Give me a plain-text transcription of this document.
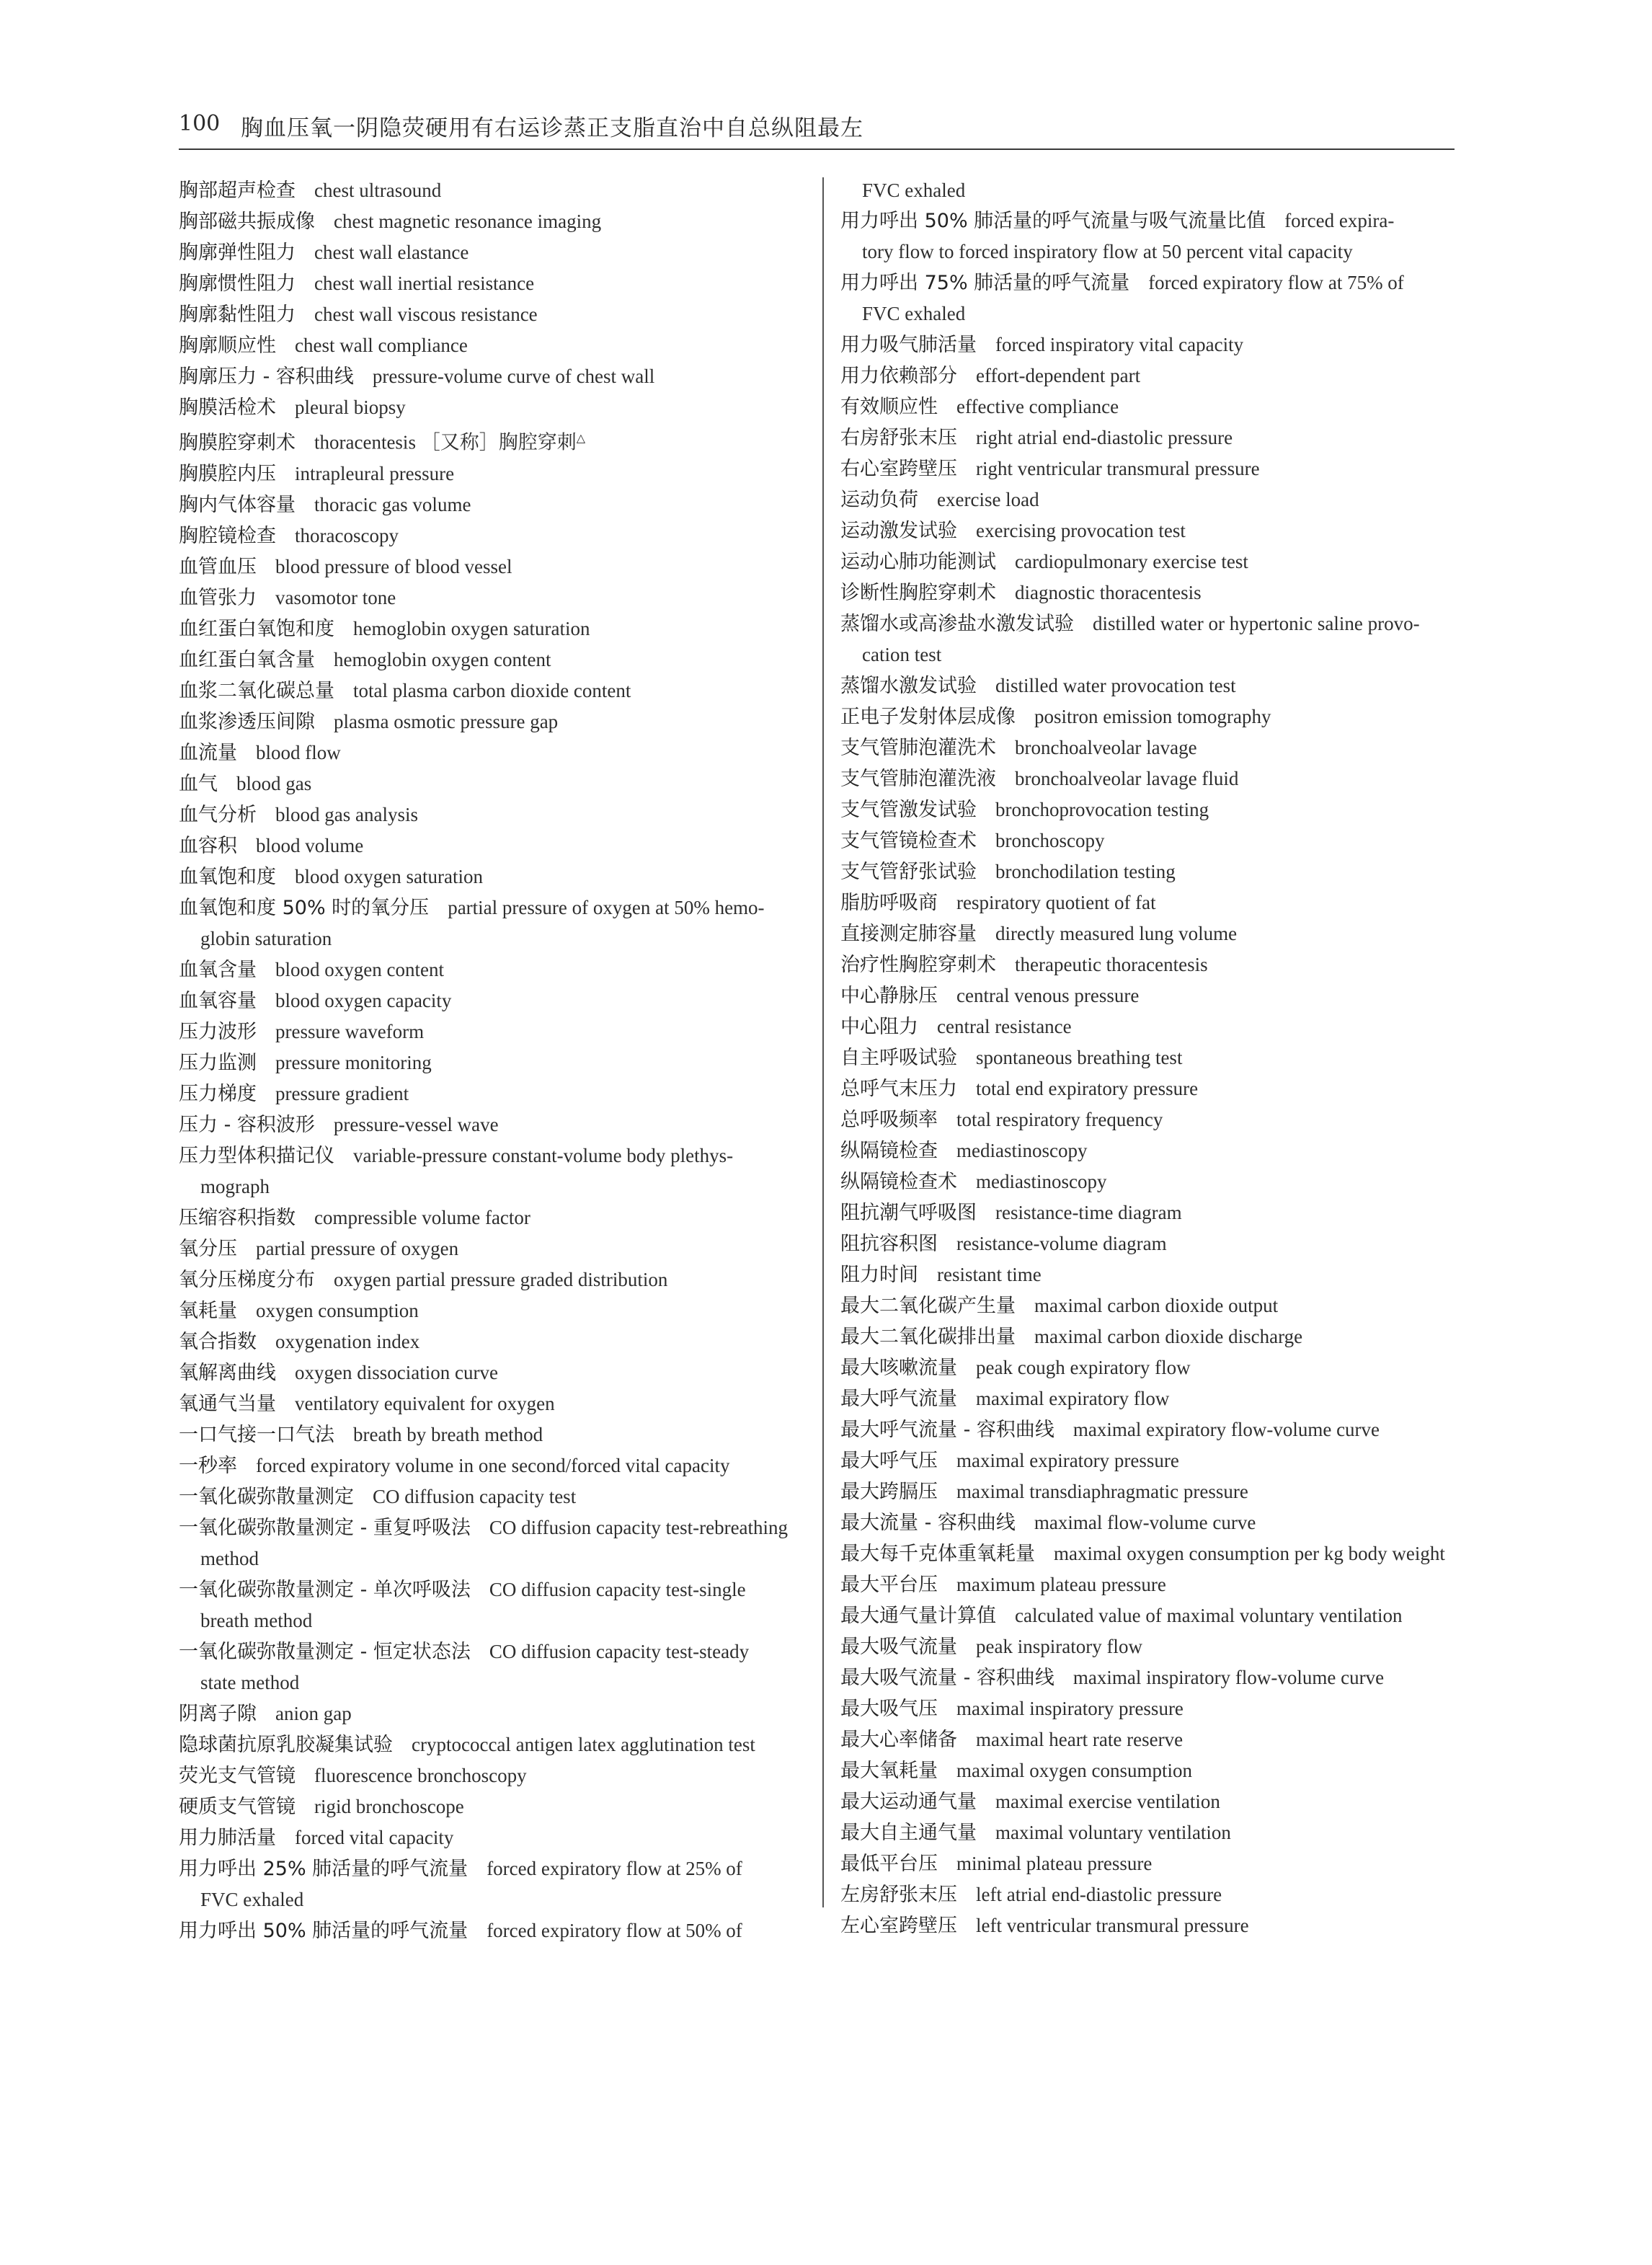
100 胸血压氧一阴隐荧硬用有右运诊蒸正支脂直治中自总纵阻最左
胸部超声检查 chest ultrasound
胸部磁共振成像 chest magnetic resonance imaging
胸廓弹性阻力 chest wall elastance
胸廓惯性阻力 chest wall inertial resistance
胸廓黏性阻力 chest wall viscous resistance
胸廓顺应性 chest wall compliance
胸廓压力 - 容积曲线 pressure-volume curve of chest wall
胸膜活检术 pleural biopsy
胸膜腔穿刺术 thoracentesis ［又称］胸腔穿刺△
胸膜腔内压 intrapleural pressure
胸内气体容量 thoracic gas volume
胸腔镜检查 thoracoscopy
血管血压 blood pressure of blood vessel
血管张力 vasomotor tone
血红蛋白氧饱和度 hemoglobin oxygen saturation
血红蛋白氧含量 hemoglobin oxygen content
血浆二氧化碳总量 total plasma carbon dioxide content
血浆渗透压间隙 plasma osmotic pressure gap
血流量 blood flow
血气 blood gas
血气分析 blood gas analysis
血容积 blood volume
血氧饱和度 blood oxygen saturation
血氧饱和度 50% 时的氧分压 partial pressure of oxygen at 50% hemo-
globin saturation
血氧含量 blood oxygen content
血氧容量 blood oxygen capacity
压力波形 pressure waveform
压力监测 pressure monitoring
压力梯度 pressure gradient
压力 - 容积波形 pressure-vessel wave
压力型体积描记仪 variable-pressure constant-volume body plethys-
mograph
压缩容积指数 compressible volume factor
氧分压 partial pressure of oxygen
氧分压梯度分布 oxygen partial pressure graded distribution
氧耗量 oxygen consumption
氧合指数 oxygenation index
氧解离曲线 oxygen dissociation curve
氧通气当量 ventilatory equivalent for oxygen
一口气接一口气法 breath by breath method
一秒率 forced expiratory volume in one second/forced vital capacity
一氧化碳弥散量测定 CO diffusion capacity test
一氧化碳弥散量测定 - 重复呼吸法 CO diffusion capacity test-rebreathing
method
一氧化碳弥散量测定 - 单次呼吸法 CO diffusion capacity test-single
breath method
一氧化碳弥散量测定 - 恒定状态法 CO diffusion capacity test-steady
state method
阴离子隙 anion gap
隐球菌抗原乳胶凝集试验 cryptococcal antigen latex agglutination test
荧光支气管镜 fluorescence bronchoscopy
硬质支气管镜 rigid bronchoscope
用力肺活量 forced vital capacity
用力呼出 25% 肺活量的呼气流量 forced expiratory flow at 25% of
FVC exhaled
用力呼出 50% 肺活量的呼气流量 forced expiratory flow at 50% of
FVC exhaled
用力呼出 50% 肺活量的呼气流量与吸气流量比值 forced expira-
tory flow to forced inspiratory flow at 50 percent vital capacity
用力呼出 75% 肺活量的呼气流量 forced expiratory flow at 75% of
FVC exhaled
用力吸气肺活量 forced inspiratory vital capacity
用力依赖部分 effort-dependent part
有效顺应性 effective compliance
右房舒张末压 right atrial end-diastolic pressure
右心室跨壁压 right ventricular transmural pressure
运动负荷 exercise load
运动激发试验 exercising provocation test
运动心肺功能测试 cardiopulmonary exercise test
诊断性胸腔穿刺术 diagnostic thoracentesis
蒸馏水或高渗盐水激发试验 distilled water or hypertonic saline provo-
cation test
蒸馏水激发试验 distilled water provocation test
正电子发射体层成像 positron emission tomography
支气管肺泡灌洗术 bronchoalveolar lavage
支气管肺泡灌洗液 bronchoalveolar lavage fluid
支气管激发试验 bronchoprovocation testing
支气管镜检查术 bronchoscopy
支气管舒张试验 bronchodilation testing
脂肪呼吸商 respiratory quotient of fat
直接测定肺容量 directly measured lung volume
治疗性胸腔穿刺术 therapeutic thoracentesis
中心静脉压 central venous pressure
中心阻力 central resistance
自主呼吸试验 spontaneous breathing test
总呼气末压力 total end expiratory pressure
总呼吸频率 total respiratory frequency
纵隔镜检查 mediastinoscopy
纵隔镜检查术 mediastinoscopy
阻抗潮气呼吸图 resistance-time diagram
阻抗容积图 resistance-volume diagram
阻力时间 resistant time
最大二氧化碳产生量 maximal carbon dioxide output
最大二氧化碳排出量 maximal carbon dioxide discharge
最大咳嗽流量 peak cough expiratory flow
最大呼气流量 maximal expiratory flow
最大呼气流量 - 容积曲线 maximal expiratory flow-volume curve
最大呼气压 maximal expiratory pressure
最大跨膈压 maximal transdiaphragmatic pressure
最大流量 - 容积曲线 maximal flow-volume curve
最大每千克体重氧耗量 maximal oxygen consumption per kg body weight
最大平台压 maximum plateau pressure
最大通气量计算值 calculated value of maximal voluntary ventilation
最大吸气流量 peak inspiratory flow
最大吸气流量 - 容积曲线 maximal inspiratory flow-volume curve
最大吸气压 maximal inspiratory pressure
最大心率储备 maximal heart rate reserve
最大氧耗量 maximal oxygen consumption
最大运动通气量 maximal exercise ventilation
最大自主通气量 maximal voluntary ventilation
最低平台压 minimal plateau pressure
左房舒张末压 left atrial end-diastolic pressure
左心室跨壁压 left ventricular transmural pressure
